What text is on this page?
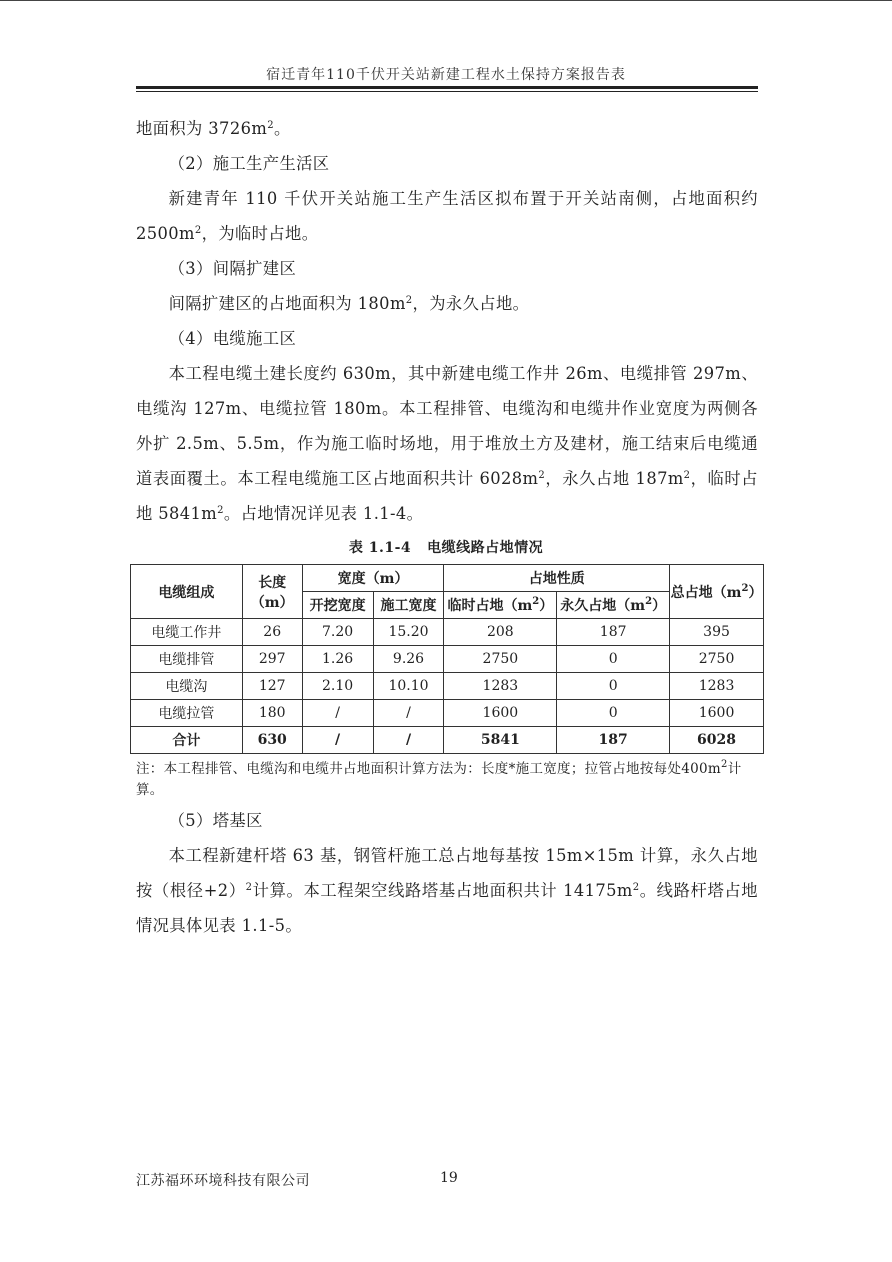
宿迁青年110千伏开关站新建工程水土保持方案报告表

地面积为 $3726m^2$。

（2）施工生产生活区

新建青年 110 千伏开关站施工生产生活区拟布置于开关站南侧，占地面积约 $2500m^2$，为临时占地。

（3）间隔扩建区

间隔扩建区的占地面积为 $180m^2$，为永久占地。

（4）电缆施工区

本工程电缆土建长度约 630m，其中新建电缆工作井 26m、电缆排管 297m、电缆沟 127m、电缆拉管 180m。本工程排管、电缆沟和电缆井作业宽度为两侧各外扩 2.5m、5.5m，作为施工临时场地，用于堆放土方及建材，施工结束后电缆通道表面覆土。本工程电缆施工区占地面积共计 $6028m^2$，永久占地 $187m^2$，临时占地 $5841m^2$。占地情况详见表 1.1-4。

表 1.1-4 电缆线路占地情况
电缆组成	长度
（m）	宽度（m）		占地性质		总占地$(m^2)$
		开挖宽度	施工宽度	临时占地$(m^2)$	永久占地$(m^2)$	
电缆工作井	26	7.20	15.20	208	187	395
电缆排管	297	1.26	9.26	2750	0	2750
电缆沟	127	2.10	10.10	1283	0	1283
电缆拉管	180	/	/	1600	0	1600
合计	630	/	/	5841	187	6028
注：本工程排管、电缆沟和电缆井占地面积计算方法为：长度*施工宽度；拉管占地按每处$400m^2$计算。

（5）塔基区

本工程新建杆塔 63 基，钢管杆施工总占地每基按 15m×15m 计算，永久占地按（根径+2）$^2$计算。本工程架空线路塔基占地面积共计 $14175m^2$。线路杆塔占地情况具体见表 1.1-5。

江苏福环环境科技有限公司	19
